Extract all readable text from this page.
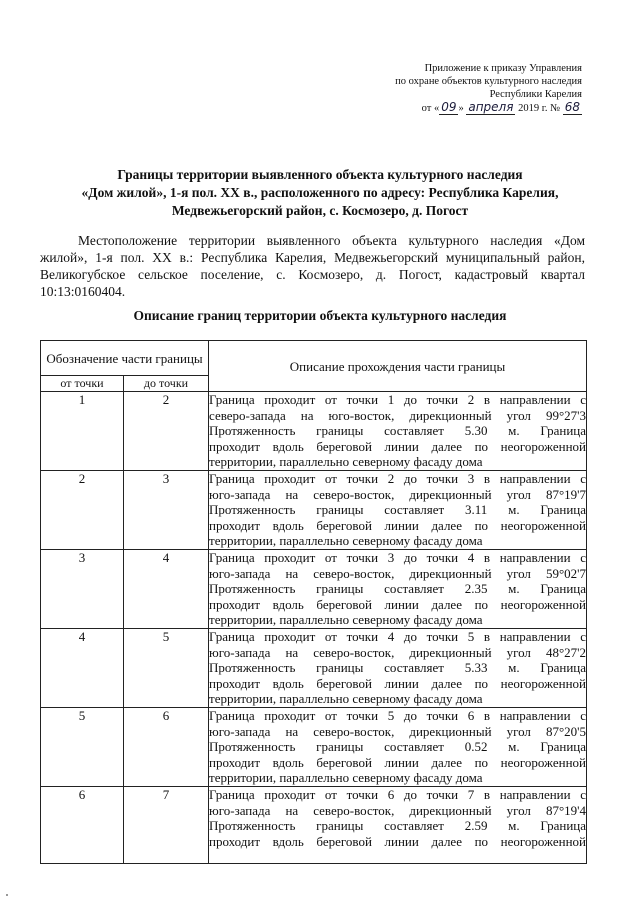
Приложение к приказу Управления
по охране объектов культурного наследия
Республики Карелия
от « 09 » апреля 2019 г. № 68
Границы территории выявленного объекта культурного наследия
«Дом жилой», 1-я пол. XX в., расположенного по адресу: Республика Карелия,
Медвежьегорский район, с. Космозеро, д. Погост
Местоположение территории выявленного объекта культурного наследия «Дом жилой», 1-я пол. XX в.: Республика Карелия, Медвежьегорский муниципальный район, Великогубское сельское поселение, с. Космозеро, д. Погост, кадастровый квартал 10:13:0160404.
Описание границ территории объекта культурного наследия
Обозначение части границы		Описание прохождения части границы
от точки	до точки	
1	2	Граница проходит от точки 1 до точки 2 в направлении с
северо-запада на юго-восток, дирекционный угол 99°27'3
Протяженность границы составляет 5.30 м. Граница
проходит вдоль береговой линии далее по неогороженной
территории, параллельно северному фасаду дома

2	3	Граница проходит от точки 2 до точки 3 в направлении с
юго-запада на северо-восток, дирекционный угол 87°19'7
Протяженность границы составляет 3.11 м. Граница
проходит вдоль береговой линии далее по неогороженной
территории, параллельно северному фасаду дома

3	4	Граница проходит от точки 3 до точки 4 в направлении с
юго-запада на северо-восток, дирекционный угол 59°02'7
Протяженность границы составляет 2.35 м. Граница
проходит вдоль береговой линии далее по неогороженной
территории, параллельно северному фасаду дома

4	5	Граница проходит от точки 4 до точки 5 в направлении с
юго-запада на северо-восток, дирекционный угол 48°27'2
Протяженность границы составляет 5.33 м. Граница
проходит вдоль береговой линии далее по неогороженной
территории, параллельно северному фасаду дома

5	6	Граница проходит от точки 5 до точки 6 в направлении с
юго-запада на северо-восток, дирекционный угол 87°20'5
Протяженность границы составляет 0.52 м. Граница
проходит вдоль береговой линии далее по неогороженной
территории, параллельно северному фасаду дома

6	7	Граница проходит от точки 6 до точки 7 в направлении с
юго-запада на северо-восток, дирекционный угол 87°19'4
Протяженность границы составляет 2.59 м. Граница
проходит вдоль береговой линии далее по неогороженной
